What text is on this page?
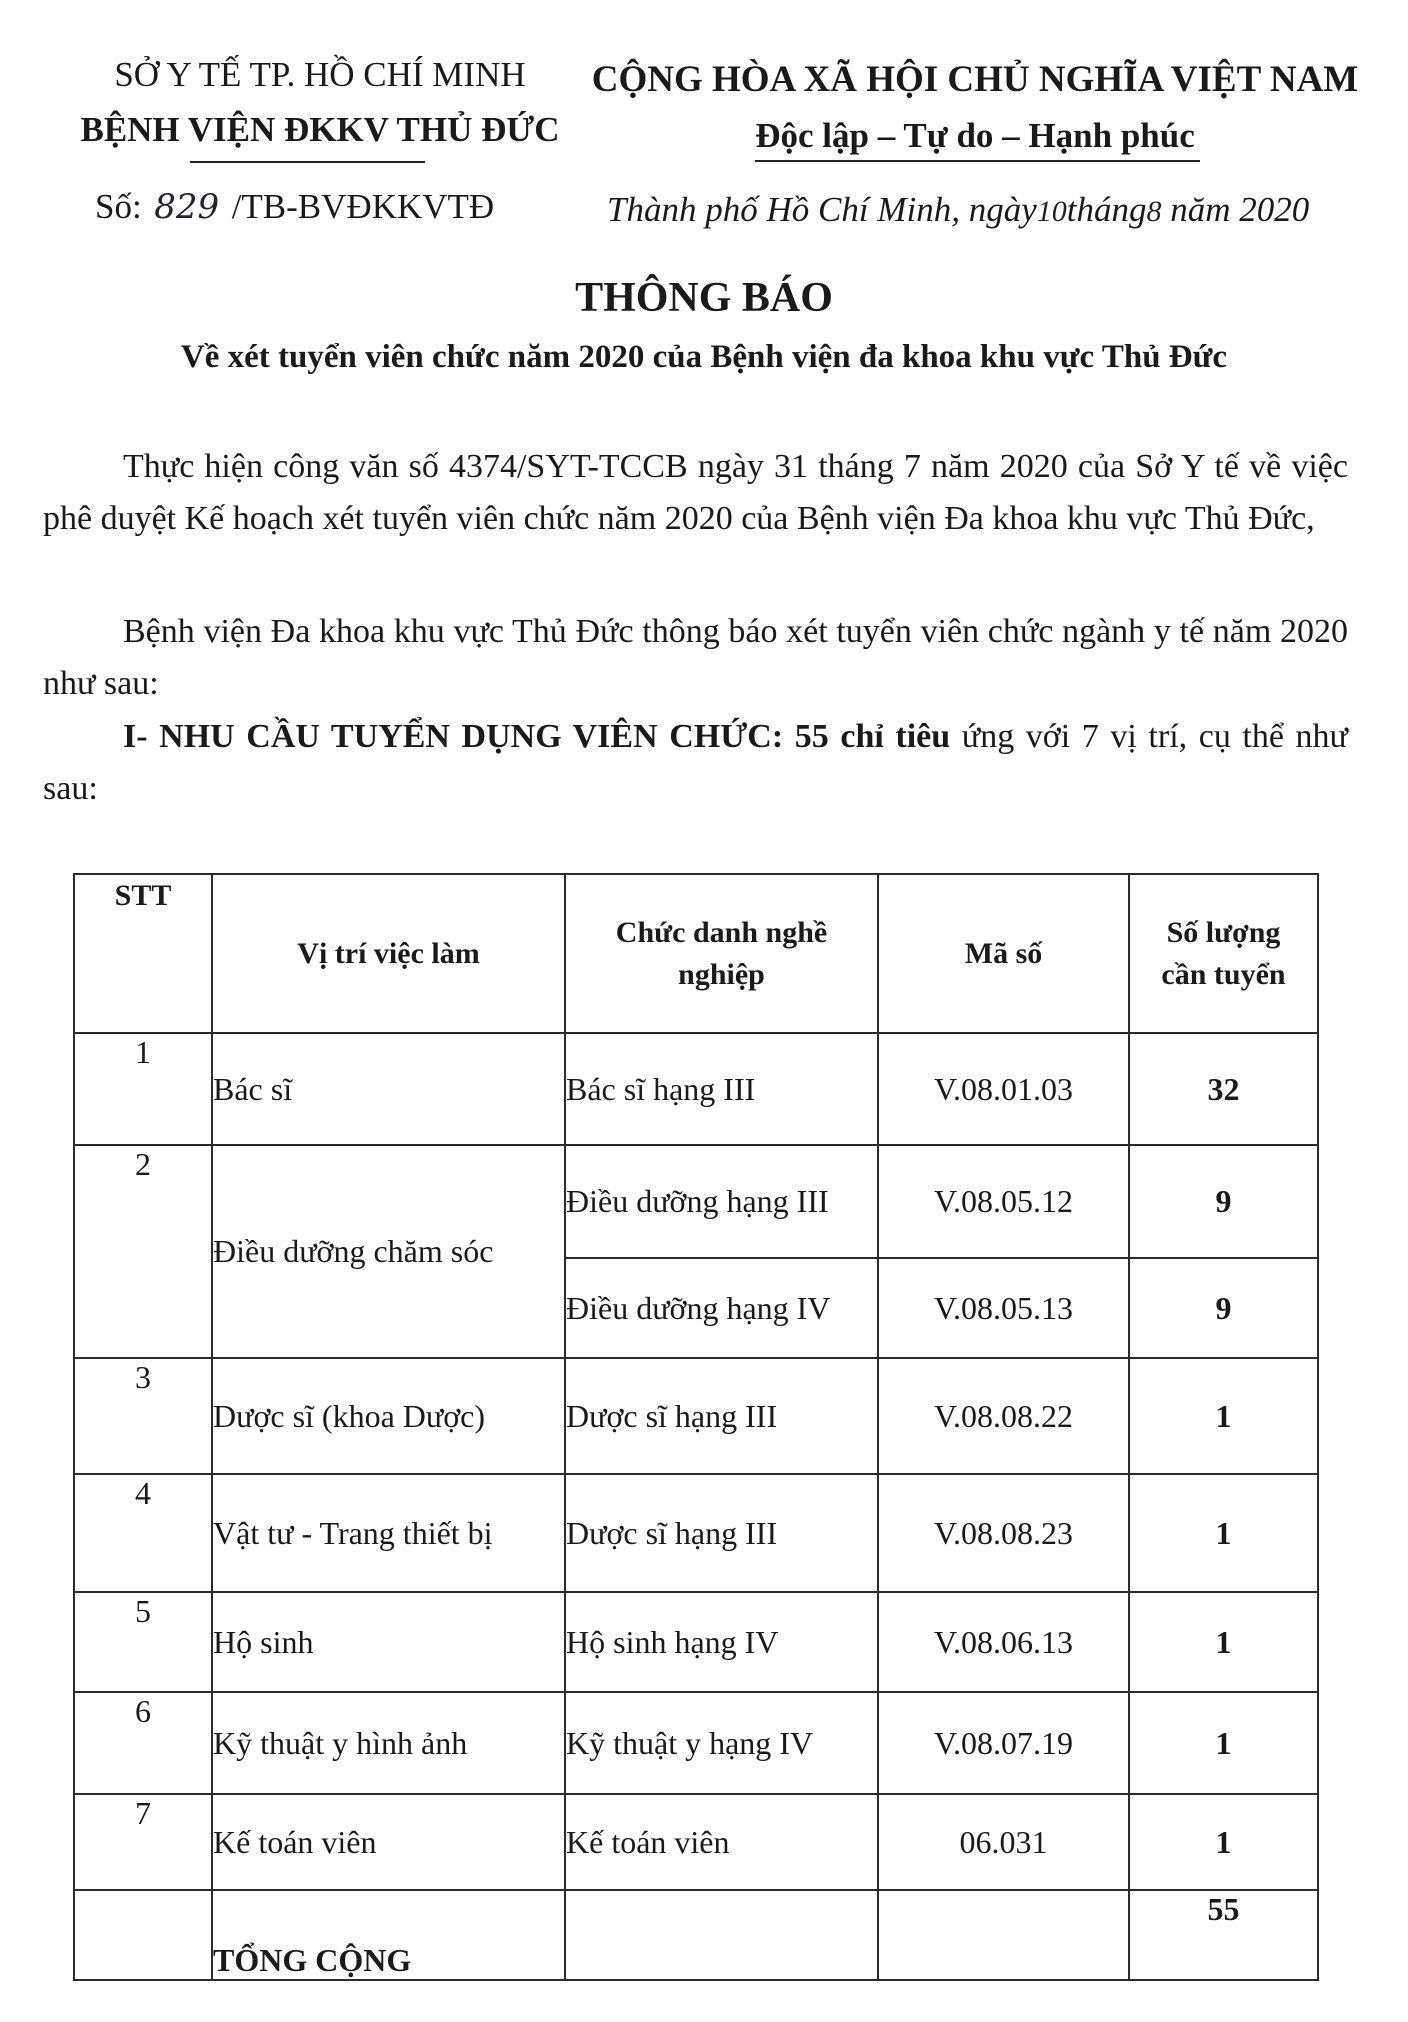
SỞ Y TẾ TP. HỒ CHÍ MINH
BỆNH VIỆN ĐKKV THỦ ĐỨC
CỘNG HÒA XÃ HỘI CHỦ NGHĨA VIỆT NAM
Độc lập – Tự do – Hạnh phúc
Số: 829 /TB-BVĐKKVTĐ	Thành phố Hồ Chí Minh, ngày10tháng8 năm 2020
THÔNG BÁO
Về xét tuyển viên chức năm 2020 của Bệnh viện đa khoa khu vực Thủ Đức
Thực hiện công văn số 4374/SYT-TCCB ngày 31 tháng 7 năm 2020 của Sở Y tế về việc phê duyệt Kế hoạch xét tuyển viên chức năm 2020 của Bệnh viện Đa khoa khu vực Thủ Đức,
Bệnh viện Đa khoa khu vực Thủ Đức thông báo xét tuyển viên chức ngành y tế năm 2020 như sau:
I- NHU CẦU TUYỂN DỤNG VIÊN CHỨC: 55 chỉ tiêu ứng với 7 vị trí, cụ thể như sau:
STT	Vị trí việc làm	Chức danh nghề nghiệp	Mã số	Số lượng cần tuyển
1	Bác sĩ	Bác sĩ hạng III	V.08.01.03	32
2	Điều dưỡng chăm sóc	Điều dưỡng hạng III	V.08.05.12	9
		Điều dưỡng hạng IV	V.08.05.13	9
3	Dược sĩ (khoa Dược)	Dược sĩ hạng III	V.08.08.22	1
4	Vật tư - Trang thiết bị	Dược sĩ hạng III	V.08.08.23	1
5	Hộ sinh	Hộ sinh hạng IV	V.08.06.13	1
6	Kỹ thuật y hình ảnh	Kỹ thuật y hạng IV	V.08.07.19	1
7	Kế toán viên	Kế toán viên	06.031	1
	TỔNG CỘNG			55
